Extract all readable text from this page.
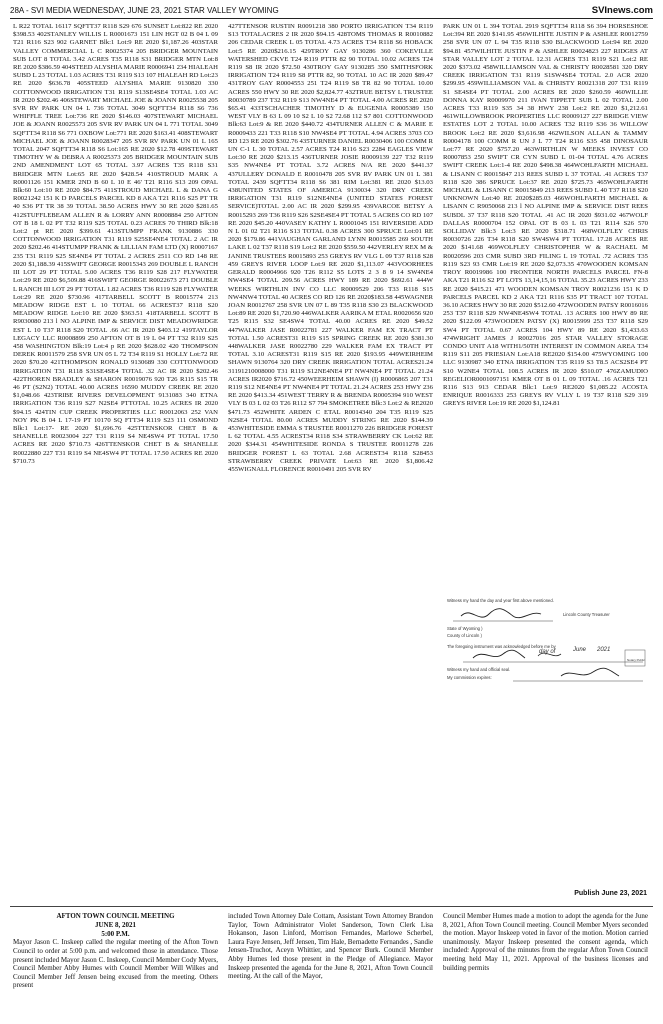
28A - SVI MEDIA WEDNESDAY, JUNE 23, 2021 STAR VALLEY WYOMING	SVInews.com

L R22 TOTAL 16117 SQFTT37 R118 S29 676 SUNSET Lot:822 RE 2020 $398.53 402STANLEY WILLIS L R0001673 151 LIN HGT 02 B 04 L 09 T21 R116 S23 902 GARNET Blk:1 Lot:9 RE 2020 $1,187.26 403STAR VALLEY COMMERCIAL L C R0025374 205 BRIDGER MOUNTAIN SUB LOT 8 TOTAL 3.42 ACRES T35 R118 S31 BRIDGER MTN Lot:8 RE 2020 $386.59 404STEED ALYSHIA MARIE R0006941 234 HIALEAH SUBD L 23 TOTAL 1.03 ACRES T31 R119 S13 107 HIALEAH RD Lot:23 RE 2020 $636.78 405STEED ALYSHIA MARIE 9130820 330 COTTONWOOD IRRIGATION T31 R119 S13SE4SE4 TOTAL 1.03 AC IR 2020 $202.46 406STEWART MICHAEL JOE & JOANN R0025538 205 SVR RV PARK UN 04 L 736 TOTAL 3049 SQFTT34 R118 S6 736 WHIFFLE TREE Lot:736 RE 2020 $146.03 407STEWART MICHAEL JOE & JOANN R0025573 205 SVR RV PARK UN 04 L 771 TOTAL 3049 SQFTT34 R118 S6 771 OXBOW Lot:771 RE 2020 $163.41 408STEWART MICHAEL JOE & JOANN R0028347 205 SVR RV PARK UN 01 L 165 TOTAL 2047 SQFTT34 R118 S6 Lot:165 RE 2020 $12.78 409STEWART TIMOTHY W & DEBRA A R0025373 205 BRIDGER MOUNTAIN SUB 2ND AMENDMENT LOT 65 TOTAL 3.97 ACRES T35 R118 S31 BRIDGER MTN Lot:65 RE 2020 $428.54 410STROUD MARK A R0001126 151 KMER 2ND B 60 L 10 E 46' T21 R116 S13 209 OPAL Blk:60 Lot:10 RE 2020 $84.75 411STROUD MICHAEL L & DANA G R0021242 151 K D PARCELS PARCEL KD 8 AKA T21 R116 S25 PT TR 40 S36 PT TR 38 39 TOTAL 38.50 ACRES HWY 30 RE 2020 $281.65 412STUFFLEBEAM ALLEN R & LORRY ANN R0008884 250 AFTON OT B 18 L 02 PT T32 R119 S25 TOTAL 0.23 ACRES 70 THIRD Blk:18 Lot:2 pt RE 2020 $399.61 413STUMPP FRANK 9130886 330 COTTONWOOD IRRIGATION T31 R119 S25SE4NE4 TOTAL 2 AC IR 2020 $202.46 414STUMPP FRANK & LILLIAN FAM LTD (X) R0007167 235 T31 R119 S25 SE4NE4 PT TOTAL 2 ACRES 2511 CO RD 148 RE 2020 $1,188.39 415SWIFT GEORGE R0015343 269 DOUBLE L RANCH III LOT 29 PT TOTAL 5.00 ACRES T36 R119 S28 217 FLYWATER Lot:29 RE 2020 $6,509.88 416SWIFT GEORGE R0022673 271 DOUBLE L RANCH III LOT 29 PT TOTAL 1.82 ACRES T36 R119 S28 FLYWATER Lot:29 RE 2020 $730.96 417TARBELL SCOTT B R0015774 213 MEADOW RIDGE EST L 10 TOTAL 66 ACREST37 R118 S20 MEADOW RIDGE Lot:10 RE 2020 $363.51 418TARBELL SCOTT B R9030080 213 l NO ALPINE IMP & SERVICE DIST MEADOWRIDGE EST L 10 T37 R118 S20 TOTAL .66 AC IR 2020 $403.12 419TAYLOR LEGACY LLC R0008899 250 AFTON OT B 19 L 04 PT T32 R119 S25 458 WASHINGTON Blk:19 Lot:4 p RE 2020 $628.02 420 THOMPSON DEREK R0011579 258 SVR UN 05 L 72 T34 R119 S1 HOLLY Lot:72 RE 2020 $70.20 421THOMPSON RONALD 9130689 330 COTTONWOOD IRRIGATION T31 R118 S31SE4SE4 TOTAL .32 AC IR 2020 $202.46 422THOREN BRADLEY & SHARON R0019076 920 T26 R115 S15 TR 46 PT (S2N2) TOTAL 40.00 ACRES 16590 MUDDY CREEK RE 2020 $1,048.66 423TRIBE RIVERS DEVELOPMENT 9131083 340 ETNA IRRIGATION T36 R119 S27 N2SE4 PTTOTAL 10.25 ACRES IR 2020 $94.15 424TIN CUP CREEK PROPERTIES LLC R0012063 252 VAN NOY PK B 04 L 17-19 PT 10170 SQ FTT34 R119 S23 111 OSMOND Blk:1 Lot:17- RE 2020 $1,696.76 425TTENSKOR CHET B & SHANELLE R0023004 227 T31 R119 S4 NE4SW4 PT TOTAL 17.50 ACRES RE 2020 $710.73 426TTENSKOR CHET B & SHANELLE R0022880 227 T31 R119 S4 NE4SW4 PT TOTAL 17.50 ACRES RE 2020 $710.73

427TTENSOR RUSTIN R0091218 380 PORTO IRRIGATION T34 R119 S13 TOTALACRES 2 IR 2020 $94.15 428TOMS THOMAS R R0010882 206 CEDAR CREEK L 05 TOTAL 4.73 ACRES T34 R118 S6 HOBACK Lot:5 RE 2020$216.15 429TROY GAY 9130286 360 COKEVILLE WATERSHED CKVE T24 R119 PTTR 82 90 TOTAL 10.02 ACRES T24 R119 S8 IR 2020 $72.50 430TROY GAY 9130285 350 SMITHSFORK IRRIGATION T24 R119 S8 PTTR 82, 90 TOTAL 10 AC IR 2020 $89.47 431TROY GAY R0004553 251 T24 R119 S8 TR 82 90 TOTAL 10.00 ACRES 550 HWY 30 RE 2020 $2,824.77 432TRUE BETSY L TRUSTEE R0030789 237 T32 R119 S13 NW4NE4 PT TOTAL 4.00 ACRES RE 2020 $65.41 433TSCHACHER TIMOTHY D & EUGENIA R0005389 150 WEST VLY B 63 L 09 10 S2 L 10 S2 72.68 112 S7 801 COTTONWOOD Blk:63 Lot:9 & RE 2020 $440.72 434TURNER ALLEN C & MARIE E R0009433 221 T33 R118 S10 NW4SE4 PT TOTAL 4.94 ACRES 3703 CO RD 123 RE 2020 $302.76 435TURNER DANIEL R0030406 100 COMM R UN C-1 L 30 TOTAL 2.57 ACRES T24 R116 S23 2284 EAGLES VIEW Lot:30 RE 2020 $213.15 436TURNER JOSIE R0009139 227 T32 R119 S35 NW4NE4 PT TOTAL 3.72 ACRES N/A RE 2020 $441.37 437ULLERY DONALD E R0010478 205 SVR RV PARK UN 01 L 381 TOTAL 2439 SQFTT34 R118 S6 381 RIM Lot:381 RE 2020 $13.03 438UNITED STATES OF AMERICA 9130034 320 DRY CREEK IRRIGATION T31 R119 S12NE4NE4 (UNITED STATES FOREST SERVICE)TOTAL 2.00 AC IR 2020 $299.95 439VARCOE BETSY A R0015293 269 T36 R119 S26 S2SE4SE4 PT TOTAL 5 ACRES CO RD 107 RE 2020 $45.20 440VASEY KATHY L R0001045 151 RIVERSIDE ADD N L 01 02 T21 R116 S13 TOTAL 0.38 ACRES 300 SPRUCE Lot:01 RE 2020 $179.86 441VAUGHAN GARLAND LYNN R0015585 269 SOUTH LAKE L 02 T37 R118 S19 Lot:2 RE 2020 $559.50 442VERLEY REX M & JANINE TRUSTEES R0015893 253 GREYS RV VLG L 09 T37 R118 S28 459 GREYS RIVER LOOP Lot:9 RE 2020 $1,113.07 443VOORHEES GERALD R0004966 920 T26 R112 S5 LOTS 2 3 8 9 14 SW4NE4 NW4SE4 TOTAL 209.56 ACRES HWY 189 RE 2020 $692.61 444W WEEKS WIRTHLIN INV CO LLC R0009529 206 T33 R118 S15 NW4NW4 TOTAL 40 ACRES CO RD 126 RE 2020$183.58 445WAGNER JOAN R0012767 258 SVR UN 07 L 89 T35 R118 S30 23 BLACKWOOD Lot:89 RE 2020 $1,720.90 446WALKER AARIKA M ETAL R0020656 920 T25 R115 S32 SE4SW4 TOTAL 40.00 ACRES RE 2020 $49.52 447WALKER JASE R0022781 227 WALKER FAM EX TRACT PT TOTAL 1.50 ACREST31 R119 S15 SPRING CREEK RE 2020 $381.30 448WALKER JASE R0022780 229 WALKER FAM EX TRACT PT TOTAL 3.10 ACREST31 R119 S15 RE 2020 $193.95 449WEIRHEIM SHAWN 9130764 320 DRY CREEK IRRIGATION TOTAL ACRES21.24 31191210008000 T31 R119 S12NE4NE4 PT NW4NE4 PT TOTAL 21.24 ACRES IR2020 $716.72 450WEERHEIM SHAWN (I) R0006865 207 T31 R119 S12 NE4NE4 PT NW4NE4 PT TOTAL 21.24 ACRES 253 HWY 236 RE 2020 $413.34 451WEST TERRY R & BRENDA R0005394 910 WEST VLY B 03 L 02 03 T26 R112 S7 794 SMOKETREE Blk:3 Lot:2 & RE2020 $471.73 452WHITE ARDEN C ETAL R0014340 204 T35 R119 S25 N2SE4 TOTAL 80.00 ACRES MUDDY STRING RE 2020 $144.39 453WHITESIDE EMMA S TRUSTEE R0011270 226 BRIDGER FOREST L 62 TOTAL 4.55 ACREST34 R118 S34 STRAWBERRY CK Lot:62 RE 2020 $344.31 454WHITESIDE RONDA S TRUSTEE R0011278 226 BRIDGER FOREST L 63 TOTAL 2.68 ACREST34 R118 S28453 STRAWBERRY CREEK PRIVATE Lot:63 RE 2020 $1,806.42 455WIGNALL FLORENCE R0010491 205 SVR RV

PARK UN 01 L 394 TOTAL 2919 SQFTT34 R118 S6 394 HORSESHOE Lot:394 RE 2020 $141.95 456WILHITE JUSTIN P & ASHLEE R0012759 258 SVR UN 07 L 94 T35 R118 S30 BLACKWOOD Lot:94 RE 2020 $94.81 457WILHITE JUSTIN P & ASHLEE R0024823 227 RIDGES AT STAR VALLEY LOT 2 TOTAL 12.31 ACRES T31 R119 S21 Lot:2 RE 2020 $373.02 458WILLIAMSON VAL & CHRISTY R0028581 320 DRY CREEK IRRIGATION T31 R119 S1SW4SE4 TOTAL 2.0 ACR 2020 $299.95 459WILLIAMSON VAL & CHRISTY R0021318 207 T31 R119 S1 SE4SE4 PT TOTAL 2.00 ACRES RE 2020 $260.59 460WILLIE DONNA KAY R0009970 211 IVAN TIPPETT SUB L 02 TOTAL 2.00 ACRES T33 R119 S35 34 38 HWY 238 Lot:2 RE 2020 $1,212.61 461WILLOWBROOK PROPERTIES LLC R0009127 227 BRIDGE VIEW ESTATES LOT 2 TOTAL 10.00 ACRES T32 R119 S36 36 WILLOW BROOK Lot:2 RE 2020 $3,616.98 462WILSON ALLAN & TAMMY R0004178 100 COMM R UN J L 77 T24 R116 S35 458 DINOSAUR Lot:77 RE 2020 $757.20 463WIRTHLIN W MEEKS INVEST CO R0007853 250 SWIFT CR CYN SUBD L 01-04 TOTAL 4.76 ACRES SWIFT CREEK Lot:1-4 RE 2020 $498.38 464WOHLFARTH MICHAEL & LISANN C R0015847 213 REES SUBD L 37 TOTAL .41 ACRES T37 R118 S20 386 SPRUCE Lot:37 RE 2020 $725.73 465WOHLFARTH MICHAEL & LISANN C R0015849 213 REES SUBD L 40 T37 R118 S20 UNKNOWN Lot:40 RE 2020$285.03 466WOHLFARTH MICHAEL & LISANN C R9050068 213 l NO ALPINE IMP & SERVICE DIST REES SUBDL 37 T37 R118 S20 TOTAL .41 AC IR 2020 $931.02 467WOLF DALLAS R0000704 152 OPAL OT B 03 L 03 T21 R114 S26 570 SOLLIDAY Blk:3 Lot:3 RE 2020 $318.71 468WOLFLEY CHRIS R0030726 226 T34 R118 S20 SW4SW4 PT TOTAL 17.28 ACRES RE 2020 $141.68 469WOLFLEY CHRISTOPHER W & RACHAEL M R0020596 203 CMR SUBD 3RD FILING L 19 TOTAL .72 ACRES T35 R119 S23 93 CMR Lot:19 RE 2020 $2,073.35 470WOODEN KOMSAN TROY R0019986 100 FRONTIER NORTH PARCELS PARCEL FN-8 AKA T21 R116 S2 PT LOTS 13,14,15,16 TOTAL 35.23 ACRES HWY 233 RE 2020 $415.21 471 WOODEN KOMSAN TROY R0021236 151 K D PARCELS PARCEL KD 2 AKA T21 R116 S35 PT TRACT 107 TOTAL 36.10 ACRES HWY 30 RE 2020 $512.60 472WOODEN PATSY R0016016 253 T37 R118 S29 NW4NE4SW4 TOTAL .13 ACRES 100 HWY 89 RE 2020 $122.09 473WOODEN PATSY (X) R0015999 253 T37 R118 S29 SW4 PT TOTAL 0.67 ACRES 104 HWY 89 RE 2020 $1,433.63 474WRIGHT JAMES J R0027016 205 STAR VALLEY STORAGE CONDO UNIT A18 WITH1/50TH INTEREST IN COMMON AREA T34 R119 S11 205 FRIESIAN Lot:A18 RE2020 $154.00 475WYOMING 100 LLC 9130987 340 ETNA IRRIGATION T35 R119 S3 T8.5 ACS2SE4 PT S10 W2NE4 TOTAL 108.5 ACRES IR 2020 $510.07 476ZAMUDIO REGELIOR0001097151 KMER OT B 01 L 09 TOTAL .16 ACRES T21 R116 S13 913 CEDAR Blk:1 Lot:9 RE2020 $1,085.22 ACOSTA ENRIQUE R0016333 253 GREYS RV VLLY L 19 T37 R118 S29 319 GREYS RIVER Lot:19 RE 2020 $1,124.81

Witness my hand the day and year first above mentioned.
Lincoln County Treasurer
State of Wyoming )
County of Lincoln )
The foregoing instrument was acknowledged before me by
day of	June 2021
Notary Public
Witness my hand and official seal.
My commission expires:
Publish June 23, 2021
AFTON TOWN COUNCIL MEETING
JUNE 8, 2021
5:00 P.M.

Mayor Jason C. Inskeep called the regular meeting of the Afton Town Council to order at 5:00 p.m. and welcomed those in attendance. Those present included Mayor Jason C. Inskeep, Council Member Cody Myers, Council Member Abby Humes with Council Member Will Wilkes and Council Member Jeff Jensen being excused from the meeting. Others present

included Town Attorney Dale Cottam, Assistant Town Attorney Brandon Taylor, Town Administrator Violet Sanderson, Town Clerk Lisa Hokanson, Jason Linford, Morrison Fernandes, Marlowe Scherbel, Laura Faye Jensen, Jeff Jensen, Tim Hale, Bernadette Fernandes , Sandie Jensen-Truchot, Aceyn Whittier, and Spencer Burk. Council Member Abby Humes led those present in the Pledge of Allegiance. Mayor Inskeep presented the agenda for the June 8, 2021, Afton Town Council meeting. At the call of the Mayor,

Council Member Humes made a motion to adopt the agenda for the June 8, 2021, Afton Town Council meeting. Council Member Myers seconded the motion. Mayor Inskeep voted in favor of the motion. Motion carried unanimously. Mayor Inskeep presented the consent agenda, which included: Approval of the minutes from the regular Afton Town Council meeting held May 11, 2021. Approval of the business licenses and building permits
